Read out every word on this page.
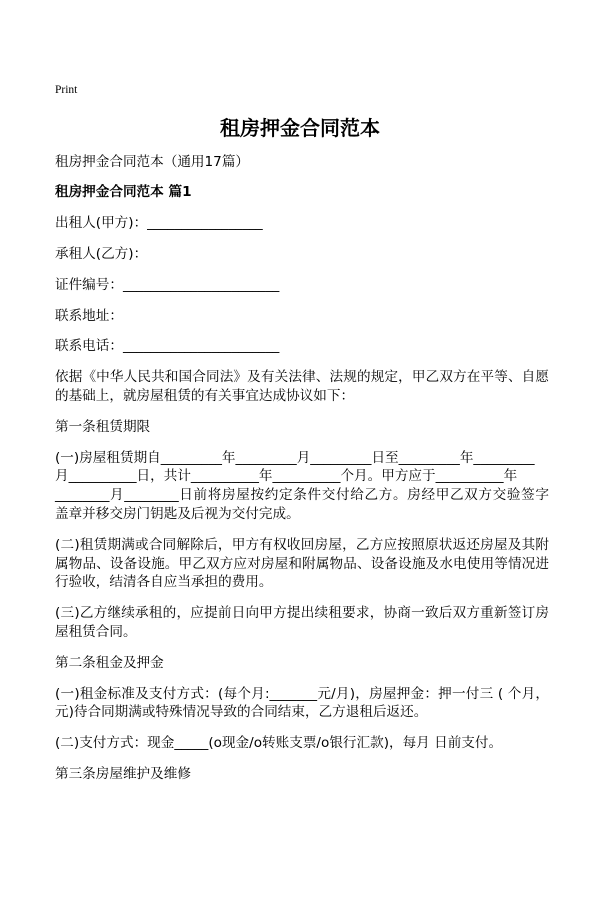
Print
租房押金合同范本

租房押金合同范本（通用17篇）

租房押金合同范本 篇1

出租人(甲方)：_________________

承租人(乙方)：

证件编号：_______________________

联系地址：

联系电话：_______________________

依据《中华人民共和国合同法》及有关法律、法规的规定，甲乙双方在平等、自愿
的基础上，就房屋租赁的有关事宜达成协议如下：

第一条租赁期限

(一)房屋租赁期自_________年_________月_________日至_________年_________
月__________日，共计__________年__________个月。甲方应于__________年
________月________日前将房屋按约定条件交付给乙方。房经甲乙双方交验签字
盖章并移交房门钥匙及后视为交付完成。
(二)租赁期满或合同解除后，甲方有权收回房屋，乙方应按照原状返还房屋及其附
属物品、设备设施。甲乙双方应对房屋和附属物品、设备设施及水电使用等情况进
行验收，结清各自应当承担的费用。
(三)乙方继续承租的，应提前日向甲方提出续租要求，协商一致后双方重新签订房
屋租赁合同。

第二条租金及押金

(一)租金标准及支付方式：(每个月:_______元/月)，房屋押金：押一付三 ( 个月，
元)待合同期满或特殊情况导致的合同结束，乙方退租后返还。
(二)支付方式：现金_____(o现金/o转账支票/o银行汇款)，每月 日前支付。

第三条房屋维护及维修
